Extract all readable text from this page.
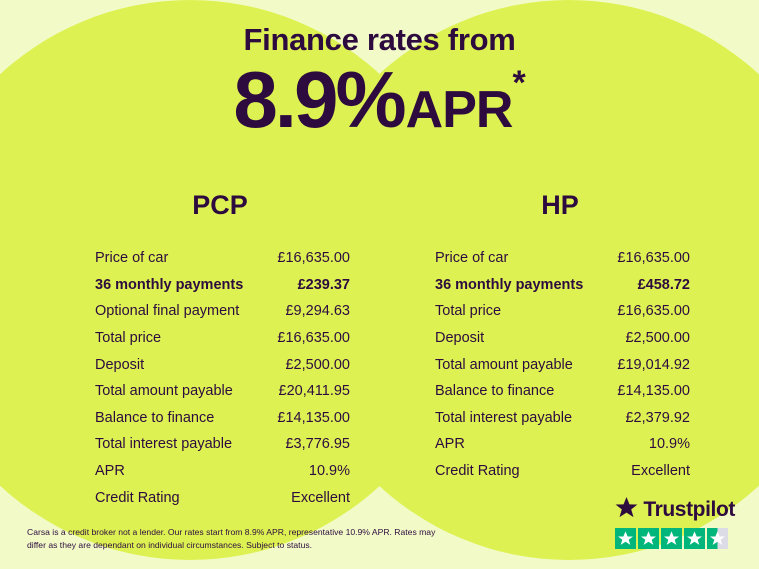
Finance rates from
8.9%APR*
PCP
Price of car	£16,635.00
36 monthly payments	£239.37
Optional final payment	£9,294.63
Total price	£16,635.00
Deposit	£2,500.00
Total amount payable	£20,411.95
Balance to finance	£14,135.00
Total interest payable	£3,776.95
APR	10.9%
Credit Rating	Excellent
HP
Price of car	£16,635.00
36 monthly payments	£458.72
Total price	£16,635.00
Deposit	£2,500.00
Total amount payable	£19,014.92
Balance to finance	£14,135.00
Total interest payable	£2,379.92
APR	10.9%
Credit Rating	Excellent
Carsa is a credit broker not a lender. Our rates start from 8.9% APR, representative 10.9% APR. Rates may differ as they are dependant on individual circumstances. Subject to status.
Trustpilot
